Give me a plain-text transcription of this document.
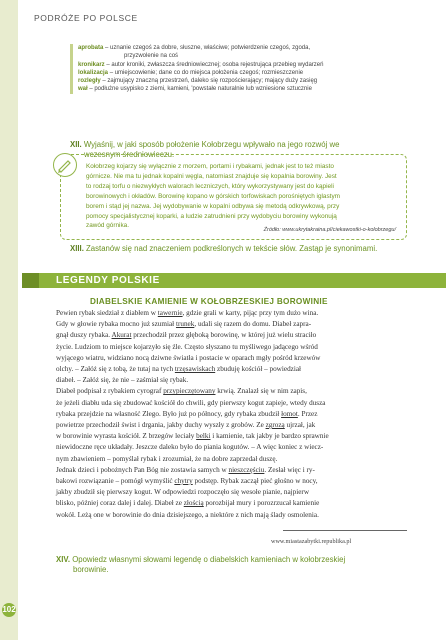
PODRÓŻE PO POLSCE
102
aprobata – uznanie czegoś za dobre, słuszne, właściwe; potwierdzenie czegoś, zgoda,
przyzwolenie na coś
kronikarz – autor kroniki, zwłaszcza średniowiecznej; osoba rejestrująca przebieg wydarzeń
lokalizacja – umiejscowienie; dane co do miejsca położenia czegoś; rozmieszczenie
rozległy – zajmujący znaczną przestrzeń, daleko się rozpościerający; mający duży zasięg
wał – podłużne usypisko z ziemi, kamieni, 'powstałe naturalnie lub wzniesione sztucznie
XII. Wyjaśnij, w jaki sposób położenie Kołobrzegu wpływało na jego rozwój we
wczesnym średniowieczu.
Kołobrzeg kojarzy się wyłącznie z morzem, portami i rybakami, jednak jest to też miasto
górnicze. Nie ma tu jednak kopalni węgla, natomiast znajduje się kopalnia borowiny. Jest
to rodzaj torfu o niezwykłych walorach leczniczych, który wykorzystywany jest do kąpieli
borowinowych i okładów. Borowinę kopano w górskich torfowiskach porośniętych iglastym
borem i stąd jej nazwa. Jej wydobywanie w kopalni odbywa się metodą odkrywkową, przy
pomocy specjalistycznej koparki, a ludzie zatrudnieni przy wydobyciu borowiny wykonują
zawód górnika.
Źródło: www.ukrytakraina.pl/ciekawostki-o-kolobrzegu/
XIII. Zastanów się nad znaczeniem podkreślonych w tekście słów. Zastąp je synonimami.
LEGENDY POLSKIE
DIABELSKIE KAMIENIE W KOŁOBRZESKIEJ BOROWINIE
Pewien rybak siedział z diabłem w tawernie, gdzie grali w karty, pijąc przy tym dużo wina.
Gdy w głowie rybaka mocno już szumiał trunek, udali się razem do domu. Diabeł zapra-
gnął duszy rybaka. Akurat przechodził przez głęboką borowinę, w której już wielu straciło
życie. Ludziom to miejsce kojarzyło się źle. Często słyszano tu myśliwego jadącego wśród
wyjącego wiatru, widziano nocą dziwne światła i postacie w oparach mgły pośród krzewów
olchy. – Załóż się z tobą, że tutaj na tych trzęsawiskach zbuduję kościół – powiedział
diabeł. – Załóż się, że nie – zaśmiał się rybak.
Diabeł podpisał z rybakiem cyrograf przypieczętowany krwią. Znalazł się w nim zapis,
że jeżeli diabłu uda się zbudować kościół do chwili, gdy pierwszy kogut zapieje, wtedy dusza
rybaka przejdzie na własność Złego. Było już po północy, gdy rybaka zbudził łomot. Przez
powietrze przechodził świst i drgania, jakby duchy wyszły z grobów. Ze zgrozą ujrzał, jak
w borowinie wyrasta kościół. Z brzegów leciały belki i kamienie, tak jakby je bardzo sprawnie
niewidoczne ręce układały. Jeszcze daleko było do piania kogutów. – A więc koniec z wiecz-
nym zbawieniem – pomyślał rybak i zrozumiał, że na dobre zaprzedał duszę.
Jednak dzieci i pobożnych Pan Bóg nie zostawia samych w nieszczęściu. Zesłał więc i ry-
bakowi rozwiązanie – pomógł wymyślić chytry podstęp. Rybak zaczął pieć głośno w nocy,
jakby zbudził się pierwszy kogut. W odpowiedzi rozpoczęło się wesołe pianie, najpierw
blisko, później coraz dalej i dalej. Diabeł ze złością porozbijał mury i porozrzucał kamienie
wokół. Leżą one w borowinie do dnia dzisiejszego, a niektóre z nich mają ślady osmolenia.
www.miastazabytki.republika.pl
XIV. Opowiedz własnymi słowami legendę o diabelskich kamieniach w kołobrzeskiej
borowinie.
